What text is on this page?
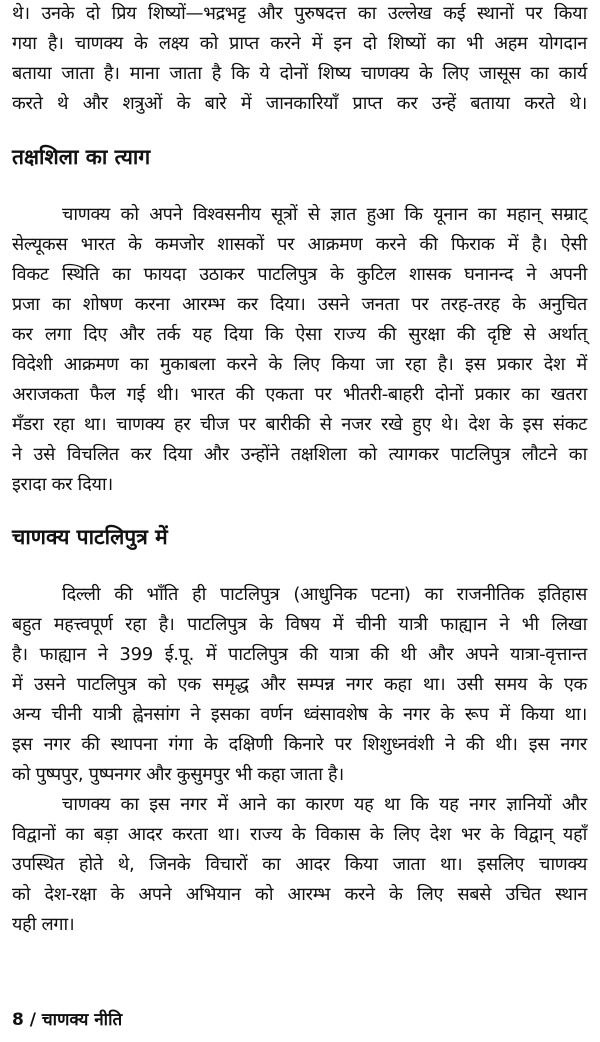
थे। उनके दो प्रिय शिष्यों—भद्रभट्ट और पुरुषदत्त का उल्लेख कई स्थानों पर किया
गया है। चाणक्य के लक्ष्य को प्राप्त करने में इन दो शिष्यों का भी अहम योगदान
बताया जाता है। माना जाता है कि ये दोनों शिष्य चाणक्य के लिए जासूस का कार्य
करते थे और शत्रुओं के बारे में जानकारियाँ प्राप्त कर उन्हें बताया करते थे।
तक्षशिला का त्याग
चाणक्य को अपने विश्वसनीय सूत्रों से ज्ञात हुआ कि यूनान का महान् सम्राट्
सेल्यूकस भारत के कमजोर शासकों पर आक्रमण करने की फिराक में है। ऐसी
विकट स्थिति का फायदा उठाकर पाटलिपुत्र के कुटिल शासक घनानन्द ने अपनी
प्रजा का शोषण करना आरम्भ कर दिया। उसने जनता पर तरह-तरह के अनुचित
कर लगा दिए और तर्क यह दिया कि ऐसा राज्य की सुरक्षा की दृष्टि से अर्थात्
विदेशी आक्रमण का मुकाबला करने के लिए किया जा रहा है। इस प्रकार देश में
अराजकता फैल गई थी। भारत की एकता पर भीतरी-बाहरी दोनों प्रकार का खतरा
मँडरा रहा था। चाणक्य हर चीज पर बारीकी से नजर रखे हुए थे। देश के इस संकट
ने उसे विचलित कर दिया और उन्होंने तक्षशिला को त्यागकर पाटलिपुत्र लौटने का
इरादा कर दिया।
चाणक्य पाटलिपुत्र में
दिल्ली की भाँति ही पाटलिपुत्र (आधुनिक पटना) का राजनीतिक इतिहास
बहुत महत्त्वपूर्ण रहा है। पाटलिपुत्र के विषय में चीनी यात्री फाह्यान ने भी लिखा
है। फाह्यान ने 399 ई.पू. में पाटलिपुत्र की यात्रा की थी और अपने यात्रा-वृत्तान्त
में उसने पाटलिपुत्र को एक समृद्ध और सम्पन्न नगर कहा था। उसी समय के एक
अन्य चीनी यात्री ह्वेनसांग ने इसका वर्णन ध्वंसावशेष के नगर के रूप में किया था।
इस नगर की स्थापना गंगा के दक्षिणी किनारे पर शिशुध्नवंशी ने की थी। इस नगर
को पुष्पपुर, पुष्पनगर और कुसुमपुर भी कहा जाता है।
चाणक्य का इस नगर में आने का कारण यह था कि यह नगर ज्ञानियों और
विद्वानों का बड़ा आदर करता था। राज्य के विकास के लिए देश भर के विद्वान् यहाँ
उपस्थित होते थे, जिनके विचारों का आदर किया जाता था। इसलिए चाणक्य
को देश-रक्षा के अपने अभियान को आरम्भ करने के लिए सबसे उचित स्थान
यही लगा।
8 / चाणक्य नीति
